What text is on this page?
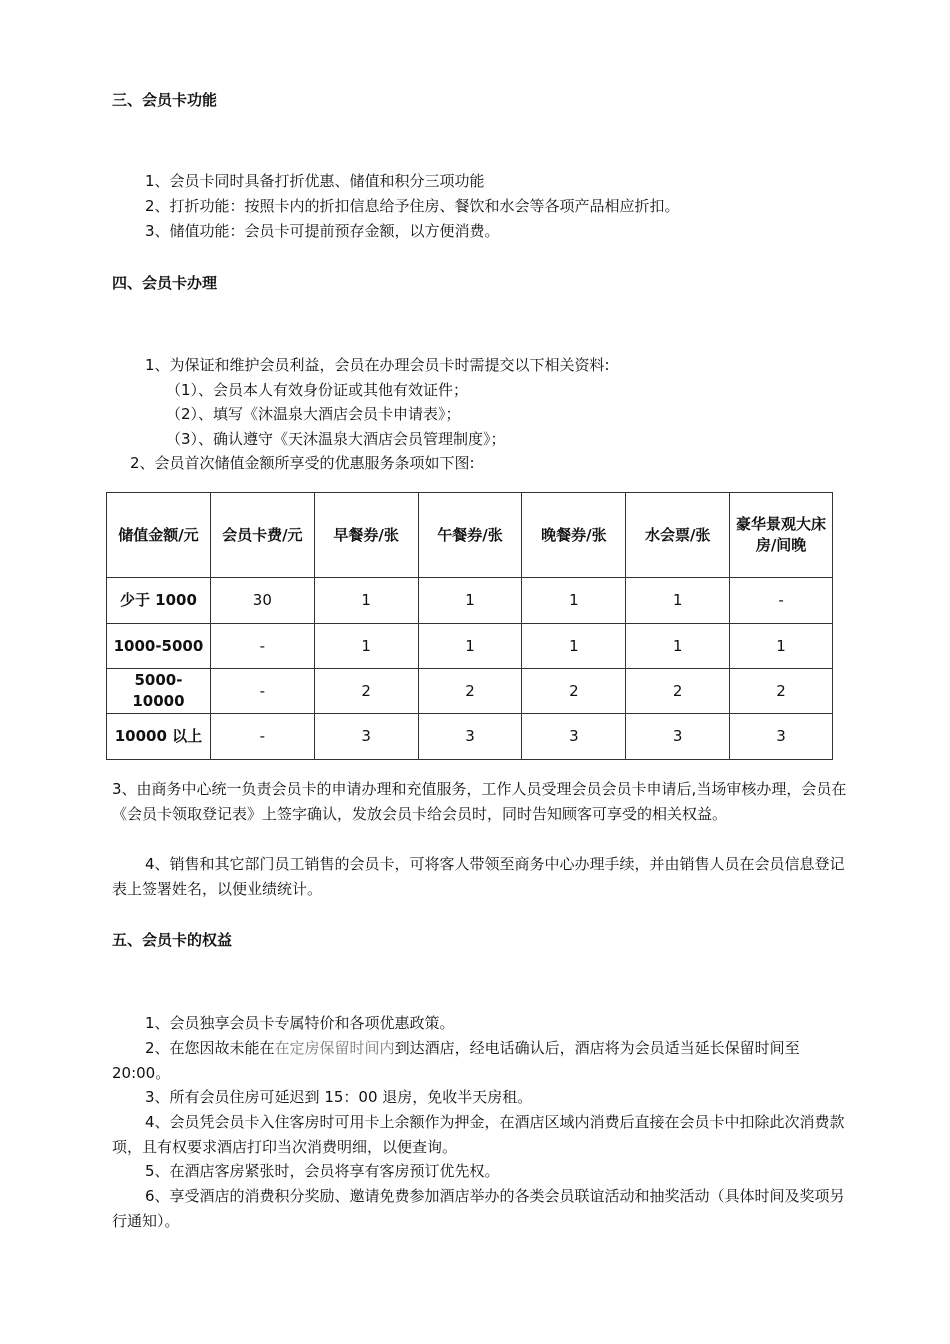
三、会员卡功能
1、会员卡同时具备打折优惠、储值和积分三项功能
2、打折功能：按照卡内的折扣信息给予住房、餐饮和水会等各项产品相应折扣。
3、储值功能：会员卡可提前预存金额，以方便消费。
四、会员卡办理
1、为保证和维护会员利益，会员在办理会员卡时需提交以下相关资料:
（1）、会员本人有效身份证或其他有效证件；
（2）、填写《沐温泉大酒店会员卡申请表》；
（3）、确认遵守《天沐温泉大酒店会员管理制度》；
2、会员首次储值金额所享受的优惠服务条项如下图:
储值金额/元	会员卡费/元	早餐券/张	午餐券/张	晚餐券/张	水会票/张	豪华景观大床房/间晚
少于 1000	30	1	1	1	1	-
1000-5000	-	1	1	1	1	1
5000-10000	-	2	2	2	2	2
10000 以上	-	3	3	3	3	3
3、由商务中心统一负责会员卡的申请办理和充值服务，工作人员受理会员会员卡申请后,当场审核办理，会员在《会员卡领取登记表》上签字确认，发放会员卡给会员时，同时告知顾客可享受的相关权益。
4、销售和其它部门员工销售的会员卡，可将客人带领至商务中心办理手续，并由销售人员在会员信息登记表上签署姓名，以便业绩统计。
五、会员卡的权益
1、会员独享会员卡专属特价和各项优惠政策。
2、在您因故未能在在定房保留时间内到达酒店，经电话确认后，酒店将为会员适当延长保留时间至 20:00。
3、所有会员住房可延迟到 15：00 退房，免收半天房租。
4、会员凭会员卡入住客房时可用卡上余额作为押金，在酒店区域内消费后直接在会员卡中扣除此次消费款项，且有权要求酒店打印当次消费明细，以便查询。
5、在酒店客房紧张时，会员将享有客房预订优先权。
6、享受酒店的消费积分奖励、邀请免费参加酒店举办的各类会员联谊活动和抽奖活动（具体时间及奖项另行通知）。
